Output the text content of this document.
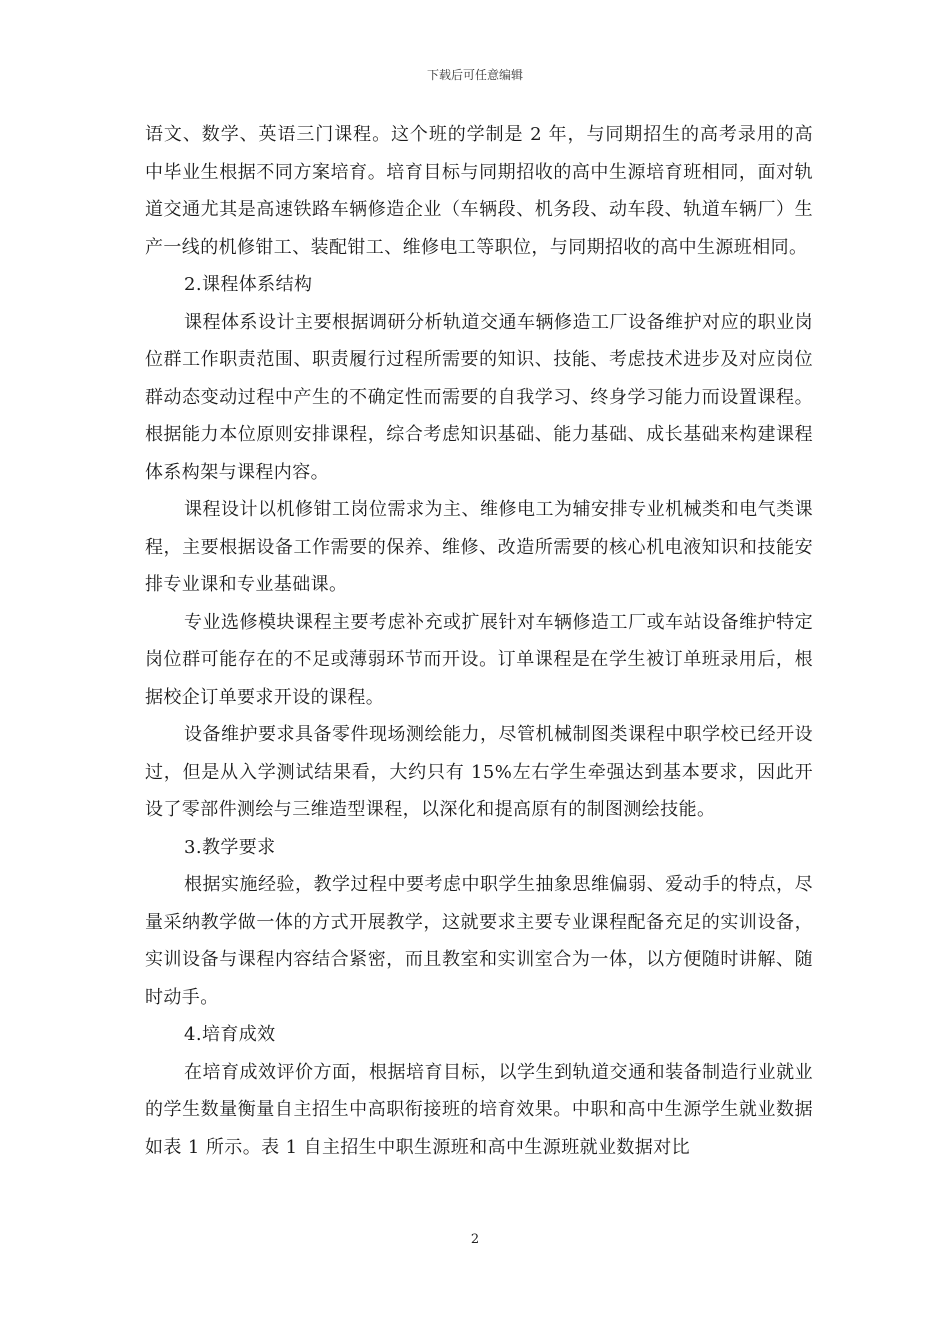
下载后可任意编辑

语文、数学、英语三门课程。这个班的学制是 2 年，与同期招生的高考录用的高中毕业生根据不同方案培育。培育目标与同期招收的高中生源培育班相同，面对轨道交通尤其是高速铁路车辆修造企业（车辆段、机务段、动车段、轨道车辆厂）生产一线的机修钳工、装配钳工、维修电工等职位，与同期招收的高中生源班相同。

2.课程体系结构

课程体系设计主要根据调研分析轨道交通车辆修造工厂设备维护对应的职业岗位群工作职责范围、职责履行过程所需要的知识、技能、考虑技术进步及对应岗位群动态变动过程中产生的不确定性而需要的自我学习、终身学习能力而设置课程。根据能力本位原则安排课程，综合考虑知识基础、能力基础、成长基础来构建课程体系构架与课程内容。

课程设计以机修钳工岗位需求为主、维修电工为辅安排专业机械类和电气类课程，主要根据设备工作需要的保养、维修、改造所需要的核心机电液知识和技能安排专业课和专业基础课。

专业选修模块课程主要考虑补充或扩展针对车辆修造工厂或车站设备维护特定岗位群可能存在的不足或薄弱环节而开设。订单课程是在学生被订单班录用后，根据校企订单要求开设的课程。

设备维护要求具备零件现场测绘能力，尽管机械制图类课程中职学校已经开设过，但是从入学测试结果看，大约只有 15%左右学生牵强达到基本要求，因此开设了零部件测绘与三维造型课程，以深化和提高原有的制图测绘技能。

3.教学要求

根据实施经验，教学过程中要考虑中职学生抽象思维偏弱、爱动手的特点，尽量采纳教学做一体的方式开展教学，这就要求主要专业课程配备充足的实训设备，实训设备与课程内容结合紧密，而且教室和实训室合为一体，以方便随时讲解、随时动手。

4.培育成效

在培育成效评价方面，根据培育目标，以学生到轨道交通和装备制造行业就业的学生数量衡量自主招生中高职衔接班的培育效果。中职和高中生源学生就业数据如表 1 所示。表 1 自主招生中职生源班和高中生源班就业数据对比

2
